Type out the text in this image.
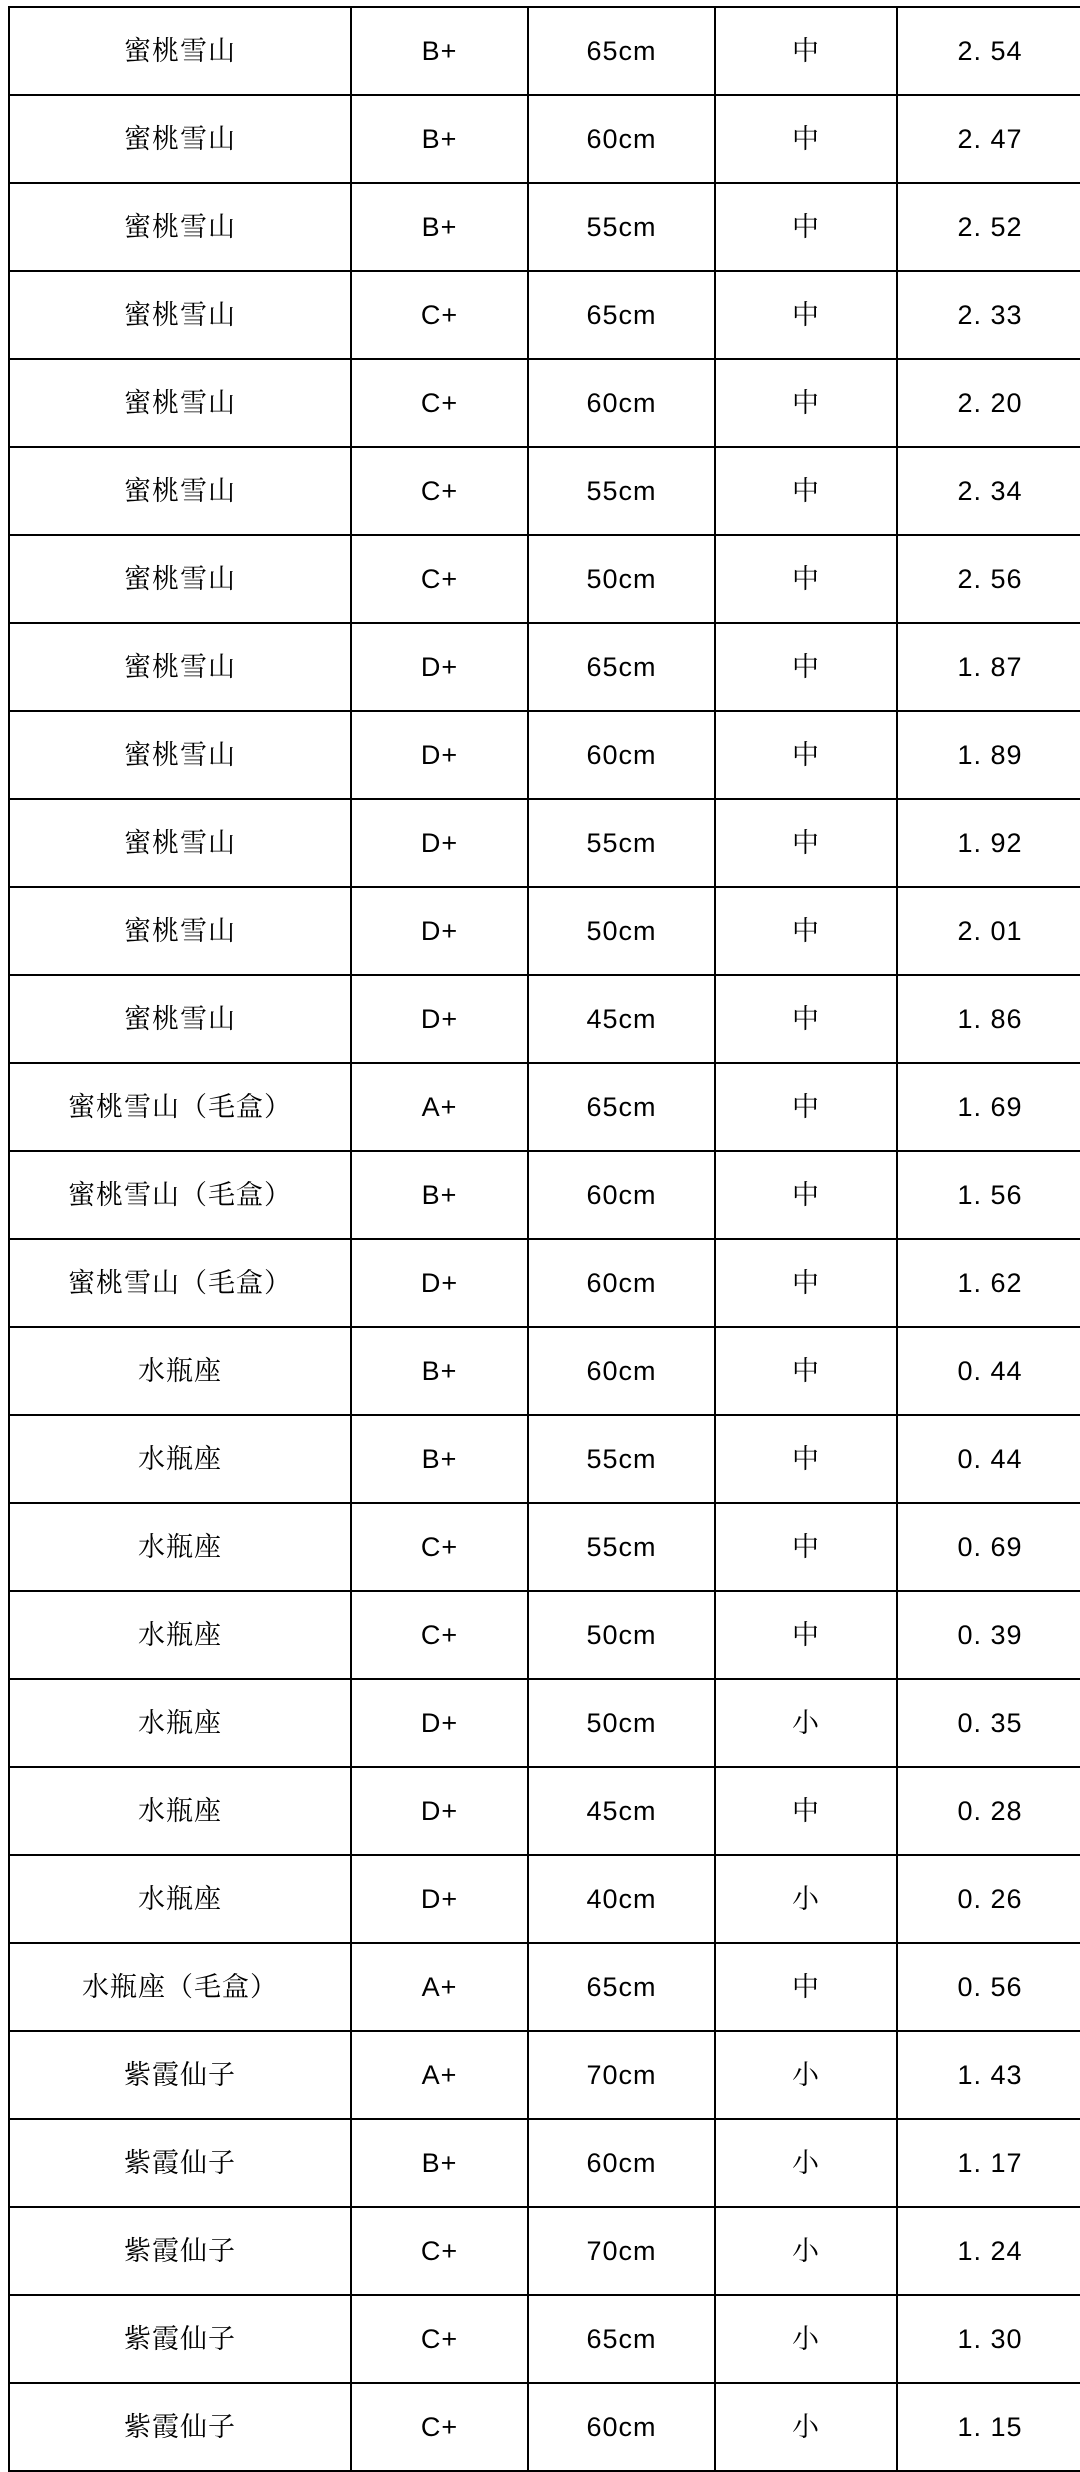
蜜桃雪山	B+	65cm	中	2. 54
蜜桃雪山	B+	60cm	中	2. 47
蜜桃雪山	B+	55cm	中	2. 52
蜜桃雪山	C+	65cm	中	2. 33
蜜桃雪山	C+	60cm	中	2. 20
蜜桃雪山	C+	55cm	中	2. 34
蜜桃雪山	C+	50cm	中	2. 56
蜜桃雪山	D+	65cm	中	1. 87
蜜桃雪山	D+	60cm	中	1. 89
蜜桃雪山	D+	55cm	中	1. 92
蜜桃雪山	D+	50cm	中	2. 01
蜜桃雪山	D+	45cm	中	1. 86
蜜桃雪山（毛盒）	A+	65cm	中	1. 69
蜜桃雪山（毛盒）	B+	60cm	中	1. 56
蜜桃雪山（毛盒）	D+	60cm	中	1. 62
水瓶座	B+	60cm	中	0. 44
水瓶座	B+	55cm	中	0. 44
水瓶座	C+	55cm	中	0. 69
水瓶座	C+	50cm	中	0. 39
水瓶座	D+	50cm	小	0. 35
水瓶座	D+	45cm	中	0. 28
水瓶座	D+	40cm	小	0. 26
水瓶座（毛盒）	A+	65cm	中	0. 56
紫霞仙子	A+	70cm	小	1. 43
紫霞仙子	B+	60cm	小	1. 17
紫霞仙子	C+	70cm	小	1. 24
紫霞仙子	C+	65cm	小	1. 30
紫霞仙子	C+	60cm	小	1. 15
